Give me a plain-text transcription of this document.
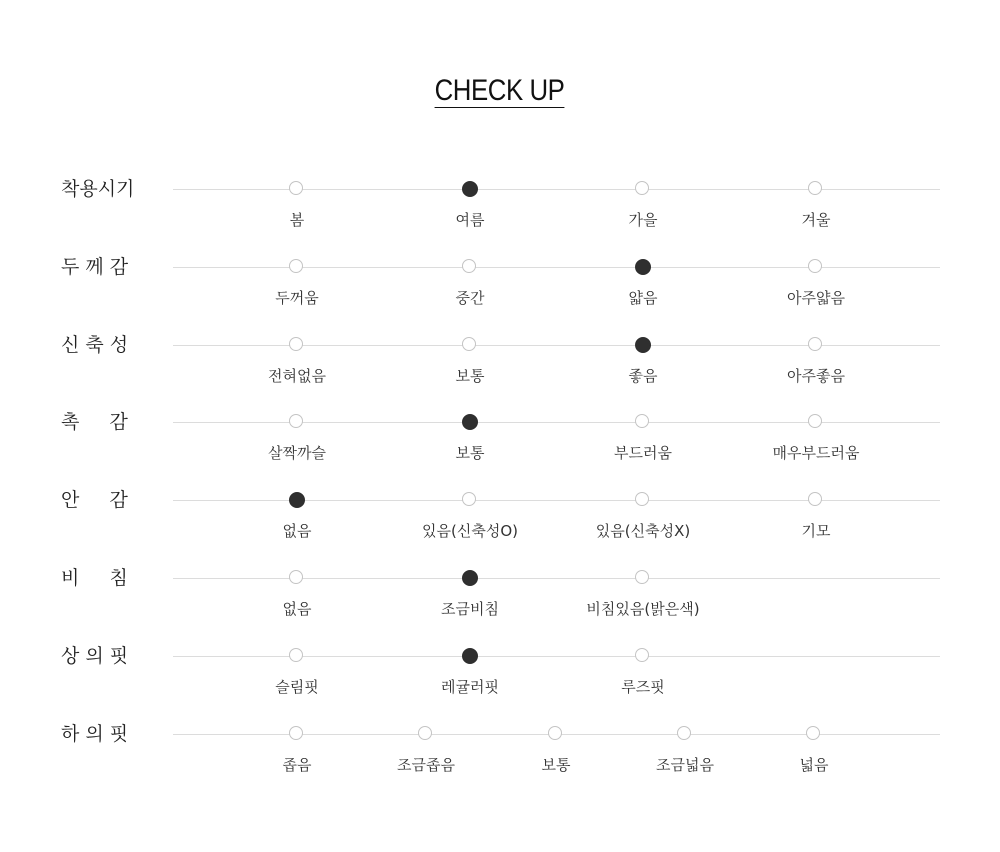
CHECK UP
착용시기
봄	여름	가을	겨울
두 께 감
두꺼움	중간	얇음	아주얇음
신 축 성
전혀없음	보통	좋음	아주좋음
촉     감
살짝까슬	보통	부드러움	매우부드러움
안     감
없음	있음(신축성O)	있음(신축성X)	기모
비     침
없음	조금비침	비침있음(밝은색)
상 의 핏
슬림핏	레귤러핏	루즈핏
하 의 핏
좁음	조금좁음	보통	조금넓음	넓음
